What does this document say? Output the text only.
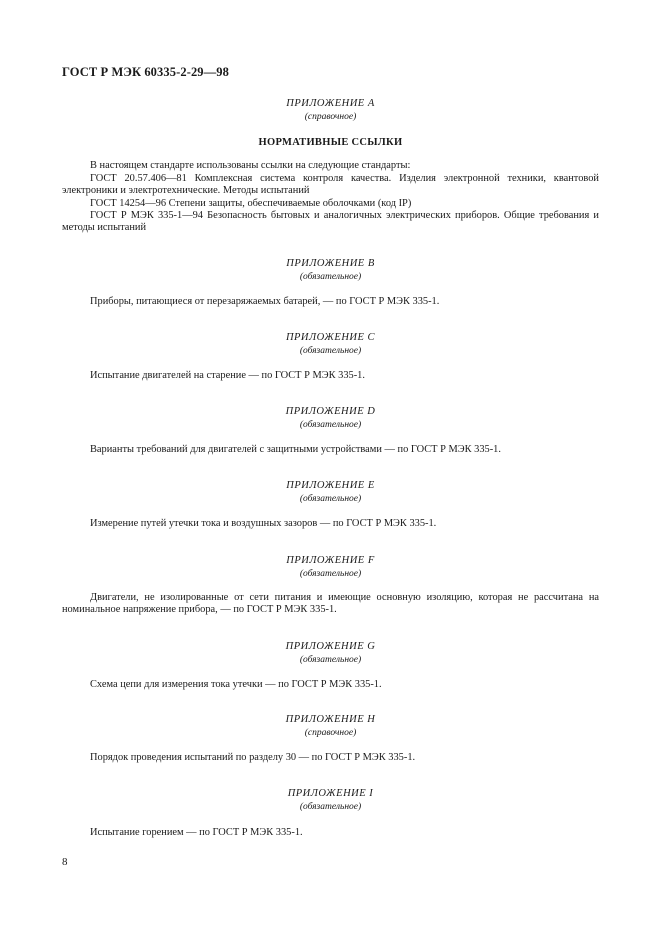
ГОСТ Р МЭК 60335-2-29—98
ПРИЛОЖЕНИЕ А
(справочное)
НОРМАТИВНЫЕ ССЫЛКИ

В настоящем стандарте использованы ссылки на следующие стандарты:

ГОСТ 20.57.406—81 Комплексная система контроля качества. Изделия электронной техники, квантовой электроники и электротехнические. Методы испытаний

ГОСТ 14254—96 Степени защиты, обеспечиваемые оболочками (код IP)

ГОСТ Р МЭК 335-1—94 Безопасность бытовых и аналогичных электрических приборов. Общие требования и методы испытаний

ПРИЛОЖЕНИЕ B
(обязательное)

Приборы, питающиеся от перезаряжаемых батарей, — по ГОСТ Р МЭК 335-1.

ПРИЛОЖЕНИЕ C
(обязательное)

Испытание двигателей на старение — по ГОСТ Р МЭК 335-1.

ПРИЛОЖЕНИЕ D
(обязательное)

Варианты требований для двигателей с защитными устройствами — по ГОСТ Р МЭК 335-1.

ПРИЛОЖЕНИЕ E
(обязательное)

Измерение путей утечки тока и воздушных зазоров — по ГОСТ Р МЭК 335-1.

ПРИЛОЖЕНИЕ F
(обязательное)

Двигатели, не изолированные от сети питания и имеющие основную изоляцию, которая не рассчитана на номинальное напряжение прибора, — по ГОСТ Р МЭК 335-1.

ПРИЛОЖЕНИЕ G
(обязательное)

Схема цепи для измерения тока утечки — по ГОСТ Р МЭК 335-1.

ПРИЛОЖЕНИЕ H
(справочное)

Порядок проведения испытаний по разделу 30 — по ГОСТ Р МЭК 335-1.

ПРИЛОЖЕНИЕ I
(обязательное)

Испытание горением — по ГОСТ Р МЭК 335-1.

8
